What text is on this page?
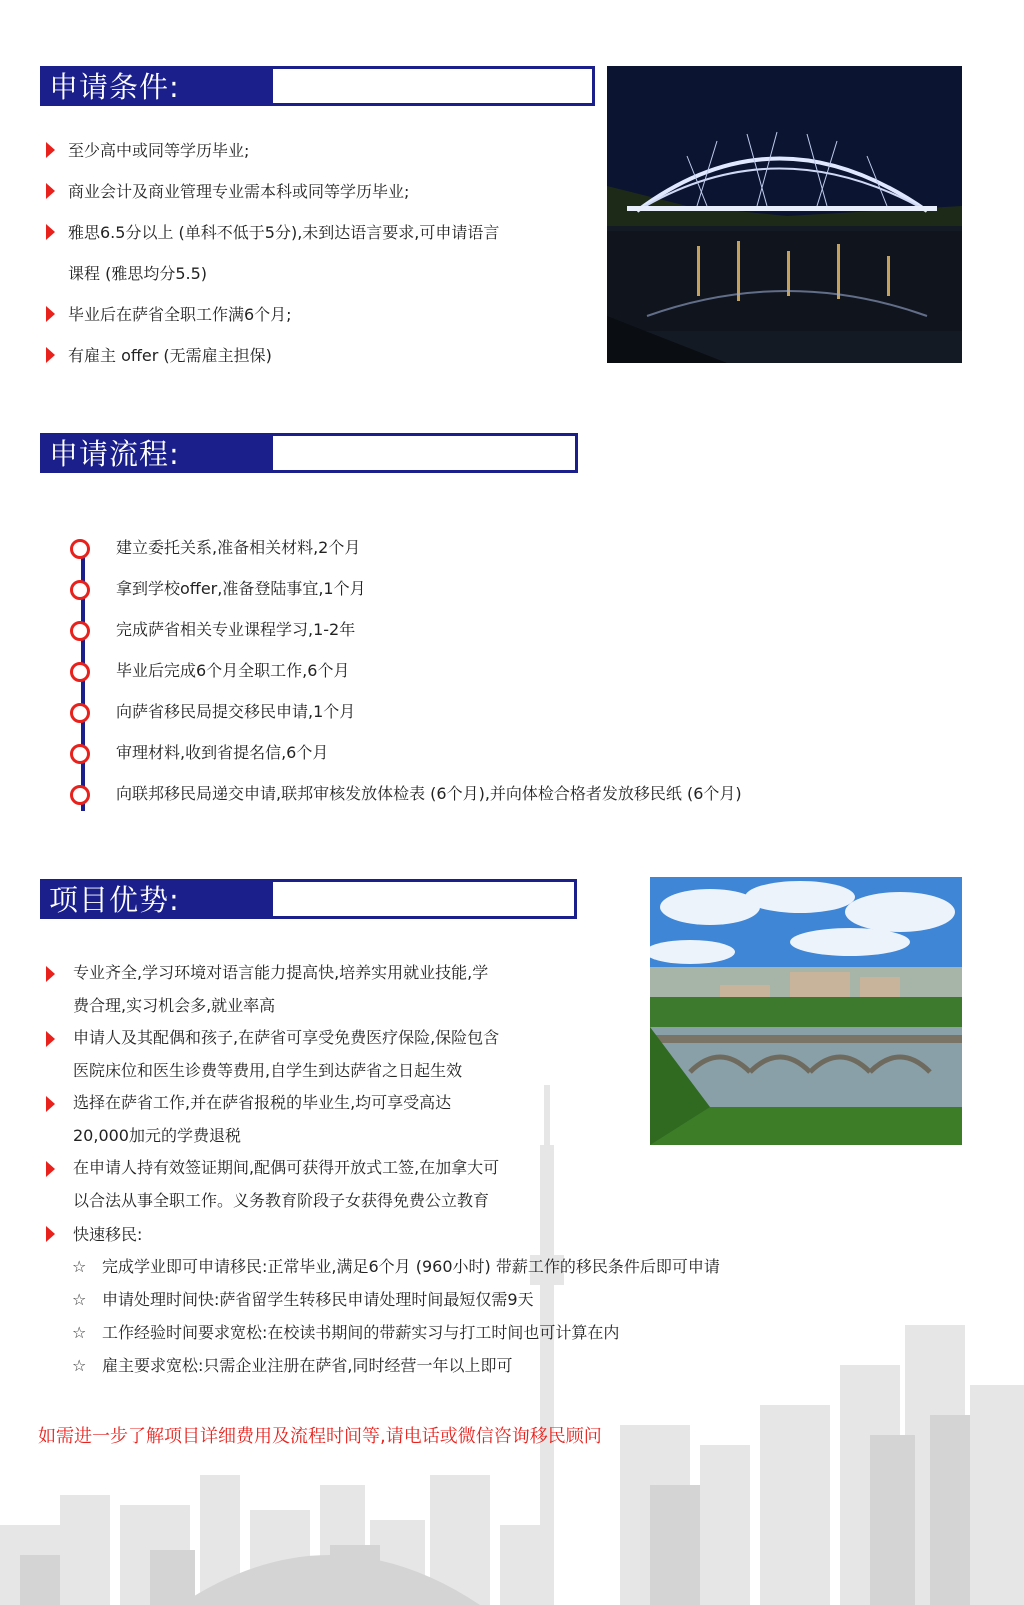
申请条件:
至少高中或同等学历毕业;
商业会计及商业管理专业需本科或同等学历毕业;
雅思6.5分以上 (单科不低于5分),未到达语言要求,可申请语言
课程 (雅思均分5.5)
毕业后在萨省全职工作满6个月;
有雇主 offer (无需雇主担保)
申请流程:
建立委托关系,准备相关材料,2个月
拿到学校offer,准备登陆事宜,1个月
完成萨省相关专业课程学习,1-2年
毕业后完成6个月全职工作,6个月
向萨省移民局提交移民申请,1个月
审理材料,收到省提名信,6个月
向联邦移民局递交申请,联邦审核发放体检表 (6个月),并向体检合格者发放移民纸 (6个月)
项目优势:
专业齐全,学习环境对语言能力提高快,培养实用就业技能,学
费合理,实习机会多,就业率高
申请人及其配偶和孩子,在萨省可享受免费医疗保险,保险包含
医院床位和医生诊费等费用,自学生到达萨省之日起生效
选择在萨省工作,并在萨省报税的毕业生,均可享受高达
20,000加元的学费退税
在申请人持有效签证期间,配偶可获得开放式工签,在加拿大可
以合法从事全职工作。义务教育阶段子女获得免费公立教育
快速移民:
☆ 完成学业即可申请移民:正常毕业,满足6个月 (960小时) 带薪工作的移民条件后即可申请
☆ 申请处理时间快:萨省留学生转移民申请处理时间最短仅需9天
☆ 工作经验时间要求宽松:在校读书期间的带薪实习与打工时间也可计算在内
☆ 雇主要求宽松:只需企业注册在萨省,同时经营一年以上即可
如需进一步了解项目详细费用及流程时间等,请电话或微信咨询移民顾问
